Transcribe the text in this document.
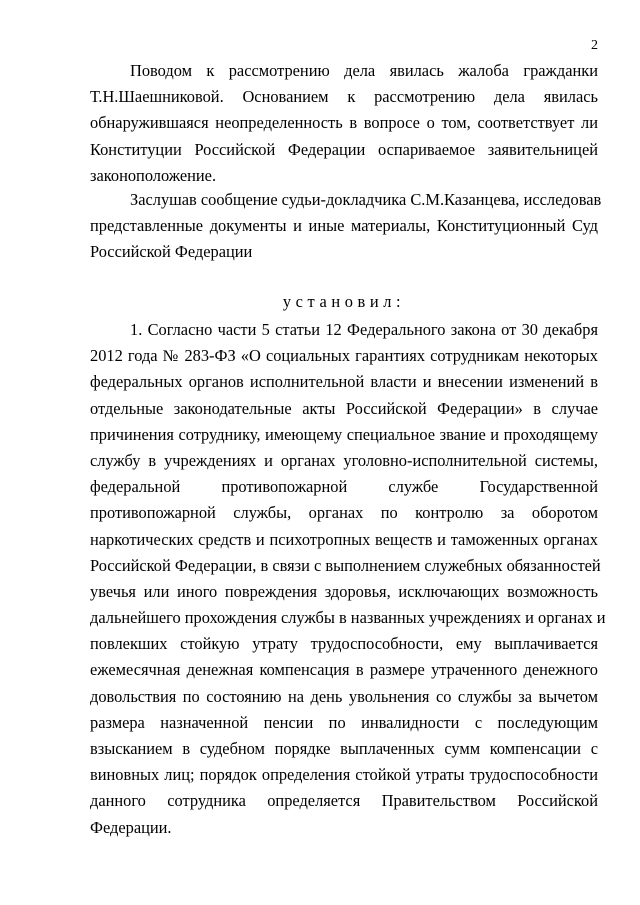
2
Поводом к рассмотрению дела явилась жалоба гражданки
Т.Н.Шаешниковой. Основанием к рассмотрению дела явилась
обнаружившаяся неопределенность в вопросе о том, соответствует ли
Конституции Российской Федерации оспариваемое заявительницей
законоположение.
Заслушав сообщение судьи-докладчика С.М.Казанцева, исследовав
представленные документы и иные материалы, Конституционный Суд
Российской Федерации
установил:
1. Согласно части 5 статьи 12 Федерального закона от 30 декабря
2012 года № 283-ФЗ «О социальных гарантиях сотрудникам некоторых
федеральных органов исполнительной власти и внесении изменений в
отдельные законодательные акты Российской Федерации» в случае
причинения сотруднику, имеющему специальное звание и проходящему
службу в учреждениях и органах уголовно-исполнительной системы,
федеральной противопожарной службе Государственной
противопожарной службы, органах по контролю за оборотом
наркотических средств и психотропных веществ и таможенных органах
Российской Федерации, в связи с выполнением служебных обязанностей
увечья или иного повреждения здоровья, исключающих возможность
дальнейшего прохождения службы в названных учреждениях и органах и
повлекших стойкую утрату трудоспособности, ему выплачивается
ежемесячная денежная компенсация в размере утраченного денежного
довольствия по состоянию на день увольнения со службы за вычетом
размера назначенной пенсии по инвалидности с последующим
взысканием в судебном порядке выплаченных сумм компенсации с
виновных лиц; порядок определения стойкой утраты трудоспособности
данного сотрудника определяется Правительством Российской
Федерации.
